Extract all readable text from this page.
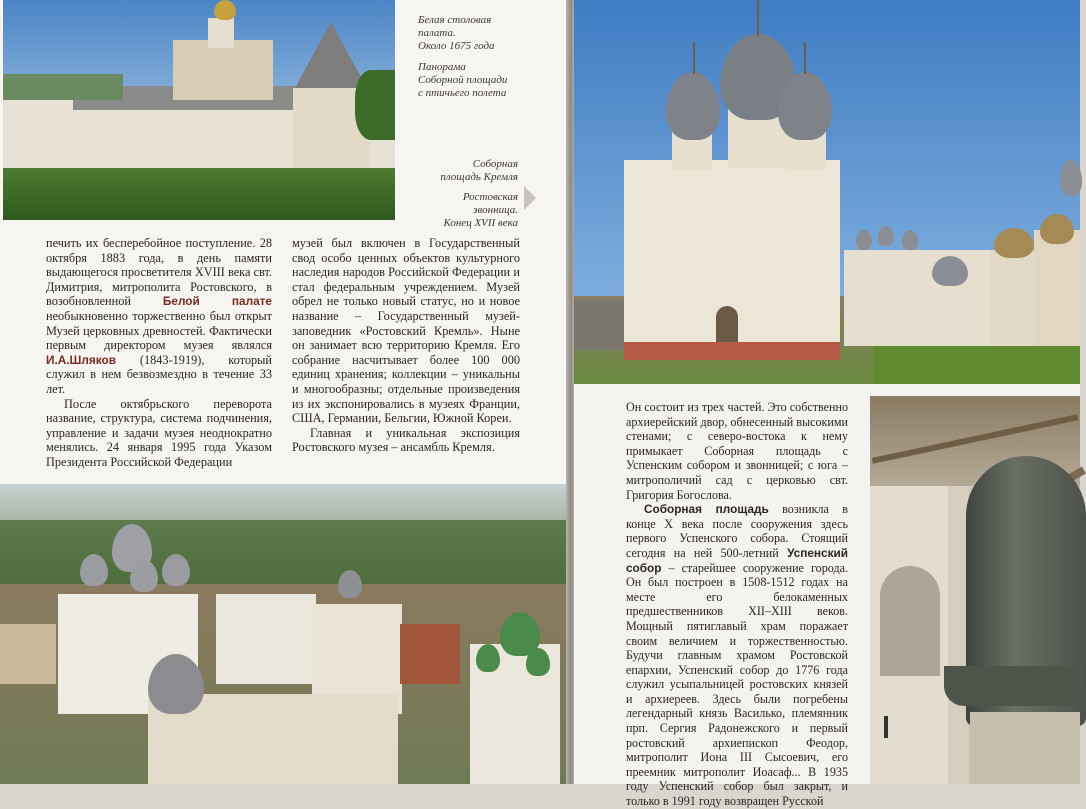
Белая столовая
палата.
Около 1675 года
Панорама
Соборной площади
с птичьего полета
Соборная
площадь Кремля
Ростовская
звонница.
Конец XVII века

печить их бесперебойное поступление. 28 октября 1883 года, в день памяти выдающегося просветителя XVIII века свт. Димитрия, митрополита Ростовского, в возобновленной Белой палате необыкновенно торжественно был открыт Музей церковных древностей. Фактически первым директором музея являлся И.А.Шляков (1843-1919), который служил в нем безвозмездно в течение 33 лет.

После октябрьского переворота название, структура, система подчинения, управление и задачи музея неоднократно менялись. 24 января 1995 года Указом Президента Российской Федерации

музей был включен в Государственный свод особо ценных объектов культурного наследия народов Российской Федерации и стал федеральным учреждением. Музей обрел не только новый статус, но и новое название – Государственный музей-заповедник «Ростовский Кремль». Ныне он занимает всю территорию Кремля. Его собрание насчитывает более 100 000 единиц хранения; коллекции – уникальны и многообразны; отдельные произведения из их экспонировались в музеях Франции, США, Германии, Бельгии, Южной Кореи.

Главная и уникальная экспозиция Ростовского музея – ансамбль Кремля.

Он состоит из трех частей. Это собственно архиерейский двор, обнесенный высокими стенами; с северо-востока к нему примыкает Соборная площадь с Успенским собором и звонницей; с юга – митрополичий сад с церковью свт. Григория Богослова.

Соборная площадь возникла в конце X века после сооружения здесь первого Успенского собора. Стоящий сегодня на ней 500-летний Успенский собор – старейшее сооружение города. Он был построен в 1508-1512 годах на месте его белокаменных предшественников XII–XIII веков. Мощный пятиглавый храм поражает своим величием и торжественностью. Будучи главным храмом Ростовской епархии, Успенский собор до 1776 года служил усыпальницей ростовских князей и архиереев. Здесь были погребены легендарный князь Василько, племянник прп. Сергия Радонежского и первый ростовский архиепископ Феодор, митрополит Иона III Сысоевич, его преемник митрополит Иоасаф... В 1935 году Успенский собор был закрыт, и только в 1991 году возвращен Русской
